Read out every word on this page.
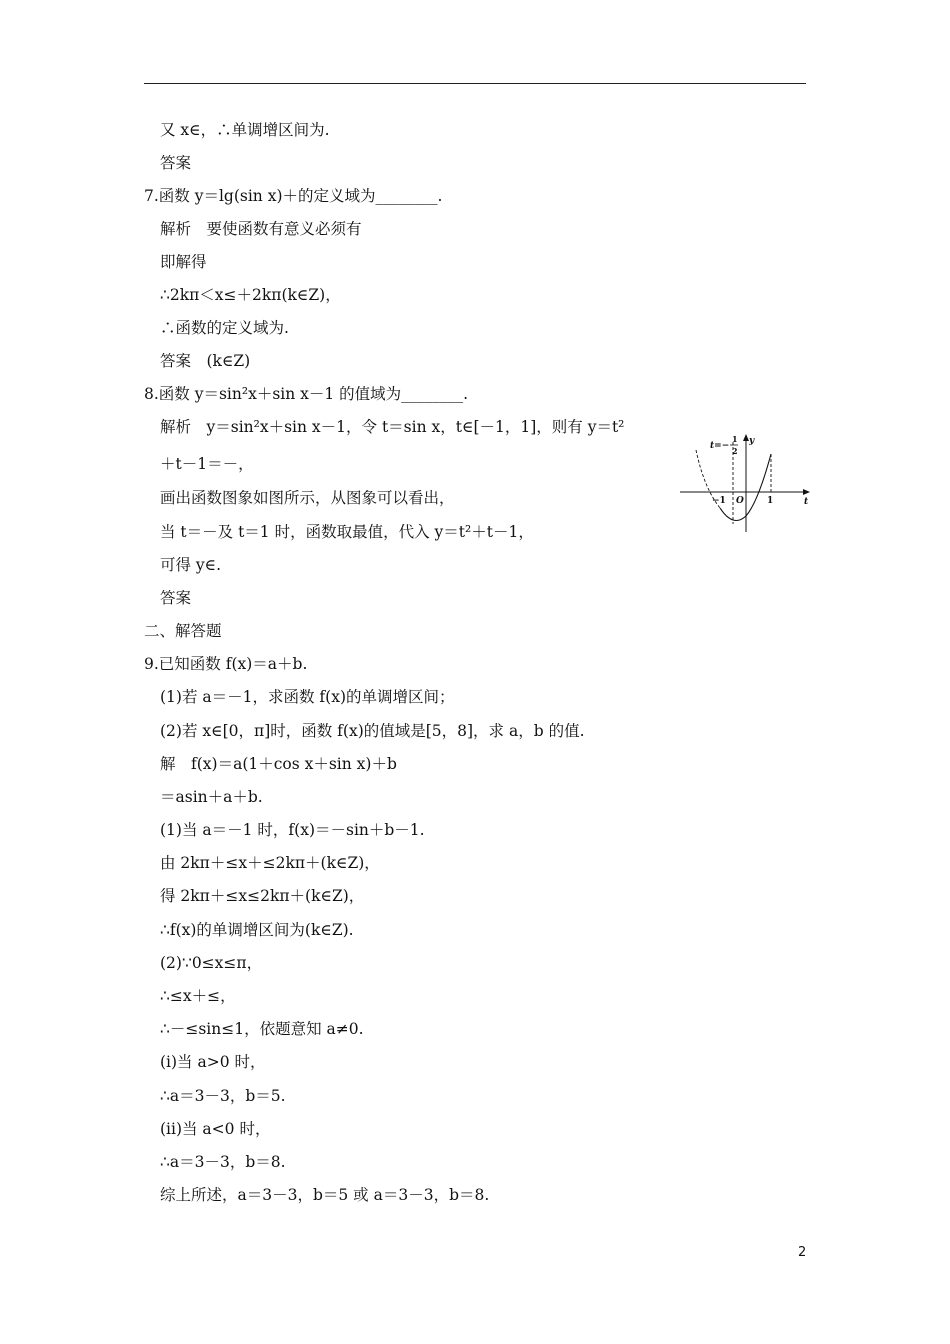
又 x∈，∴单调增区间为.
答案
7.函数 y＝lg(sin x)＋的定义域为________.
解析　要使函数有意义必须有
即解得
∴2kπ＜x≤＋2kπ(k∈Z)，
∴函数的定义域为.
答案　(k∈Z)
8.函数 y＝sin²x＋sin x－1 的值域为________.
解析　y＝sin²x＋sin x－1，令 t＝sin x，t∈[－1，1]，则有 y＝t²
＋t－1＝－，
画出函数图象如图所示，从图象可以看出，
当 t＝－及 t＝1 时，函数取最值，代入 y＝t²＋t－1，
可得 y∈.
答案
二、解答题
9.已知函数 f(x)＝a＋b.
(1)若 a＝－1，求函数 f(x)的单调增区间；
(2)若 x∈[0，π]时，函数 f(x)的值域是[5，8]，求 a，b 的值.
解　f(x)＝a(1＋cos x＋sin x)＋b
＝asin＋a＋b.
(1)当 a＝－1 时，f(x)＝－sin＋b－1.
由 2kπ＋≤x＋≤2kπ＋(k∈Z)，
得 2kπ＋≤x≤2kπ＋(k∈Z)，
∴f(x)的单调增区间为(k∈Z).
(2)∵0≤x≤π，
∴≤x＋≤，
∴－≤sin≤1，依题意知 a≠0.
(i)当 a>0 时，
∴a＝3－3，b＝5.
(ii)当 a<0 时，
∴a＝3－3，b＝8.
综上所述，a＝3－3，b＝5 或 a＝3－3，b＝8.
t=−
1
2
y
t
O
−1	1
2
